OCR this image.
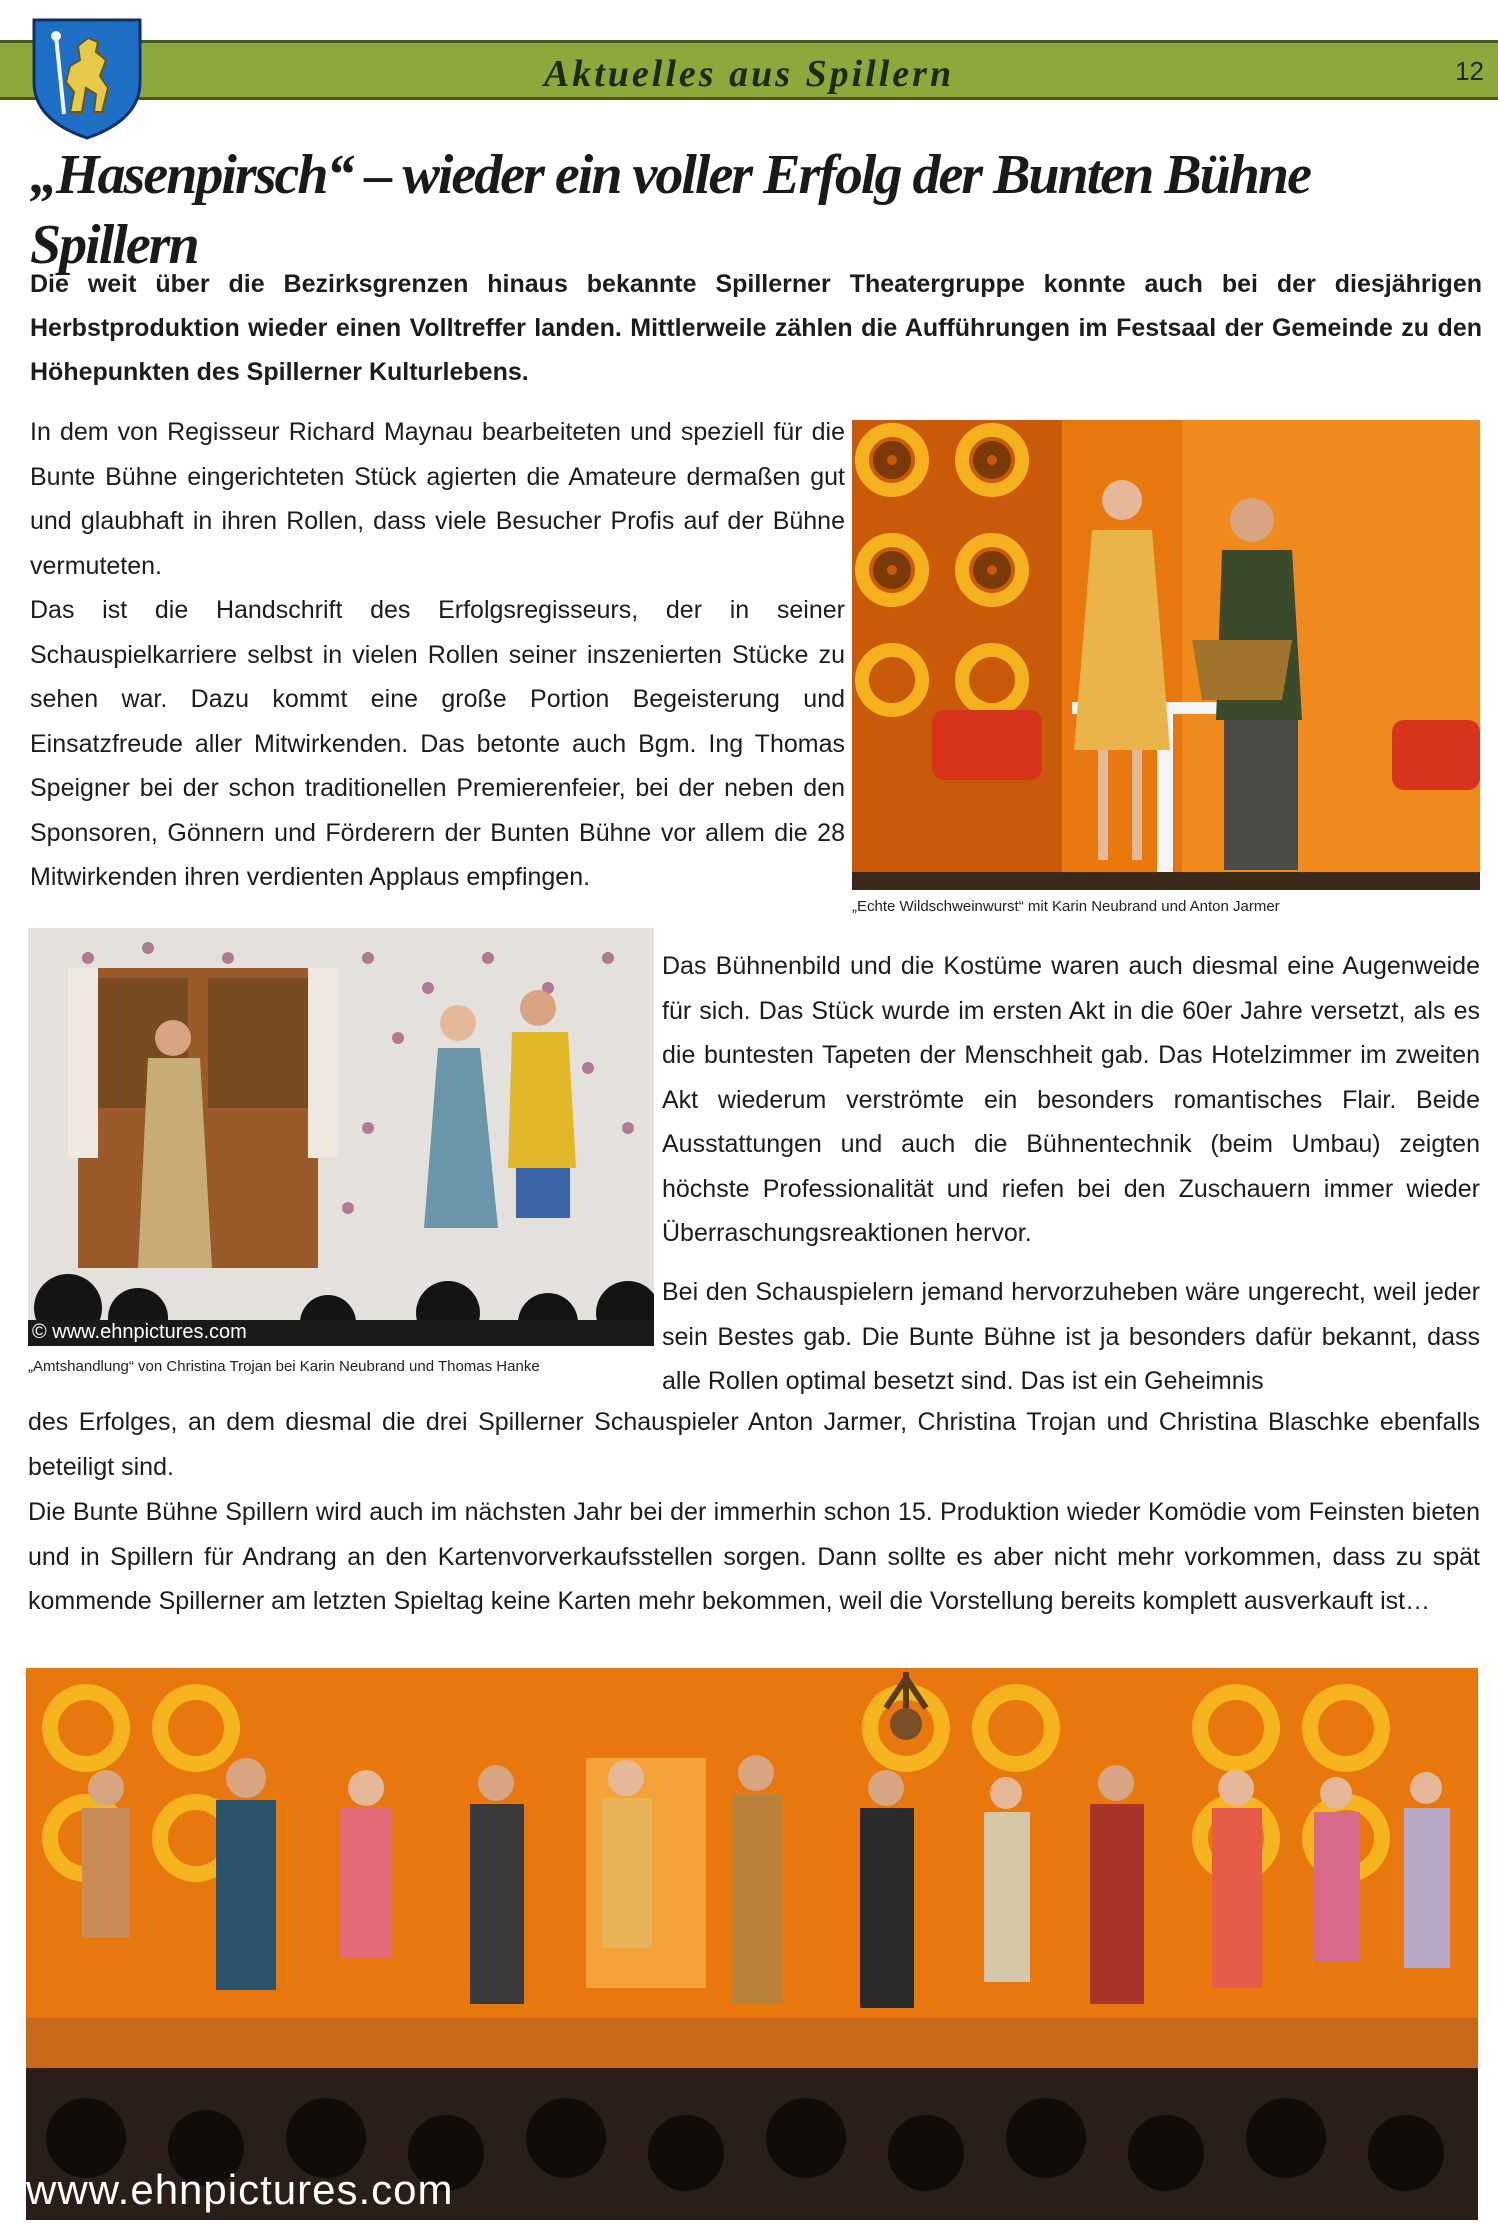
Aktuelles aus Spillern	12
„Hasenpirsch“ – wieder ein voller Erfolg der Bunten Bühne Spillern

Die weit über die Bezirksgrenzen hinaus bekannte Spillerner Theatergruppe konnte auch bei der diesjährigen Herbstproduktion wieder einen Volltreffer landen. Mittlerweile zählen die Aufführungen im Festsaal der Gemeinde zu den Höhepunkten des Spillerner Kulturlebens.

In dem von Regisseur Richard Maynau bearbeiteten und speziell für die Bunte Bühne eingerichteten Stück agierten die Amateure dermaßen gut und glaubhaft in ihren Rollen, dass viele Besucher Profis auf der Bühne vermuteten.

Das ist die Handschrift des Erfolgsregisseurs, der in seiner Schauspielkarriere selbst in vielen Rollen seiner inszenierten Stücke zu sehen war. Dazu kommt eine große Portion Begeisterung und Einsatzfreude aller Mitwirkenden. Das betonte auch Bgm. Ing Thomas Speigner bei der schon traditionellen Premierenfeier, bei der neben den Sponsoren, Gönnern und Förderern der Bunten Bühne vor allem die 28 Mitwirkenden ihren verdienten Applaus empfingen.

„Echte Wildschweinwurst“ mit Karin Neubrand und Anton Jarmer
© www.ehnpictures.com
„Amtshandlung“ von Christina Trojan bei Karin Neubrand und Thomas Hanke

Das Bühnenbild und die Kostüme waren auch diesmal eine Augenweide für sich. Das Stück wurde im ersten Akt in die 60er Jahre versetzt, als es die buntesten Tapeten der Menschheit gab. Das Hotelzimmer im zweiten Akt wiederum verströmte ein besonders romantisches Flair. Beide Ausstattungen und auch die Bühnentechnik (beim Umbau) zeigten höchste Professionalität und riefen bei den Zuschauern immer wieder Überraschungsreaktionen hervor.

Bei den Schauspielern jemand hervorzuheben wäre ungerecht, weil jeder sein Bestes gab. Die Bunte Bühne ist ja besonders dafür bekannt, dass alle Rollen optimal besetzt sind. Das ist ein Geheimnis

des Erfolges, an dem diesmal die drei Spillerner Schauspieler Anton Jarmer, Christina Trojan und Christina Blaschke ebenfalls beteiligt sind.

Die Bunte Bühne Spillern wird auch im nächsten Jahr bei der immerhin schon 15. Produktion wieder Komödie vom Feinsten bieten und in Spillern für Andrang an den Kartenvorverkaufsstellen sorgen. Dann sollte es aber nicht mehr vorkommen, dass zu spät kommende Spillerner am letzten Spieltag keine Karten mehr bekommen, weil die Vorstellung bereits komplett ausverkauft ist…

www.ehnpictures.com
